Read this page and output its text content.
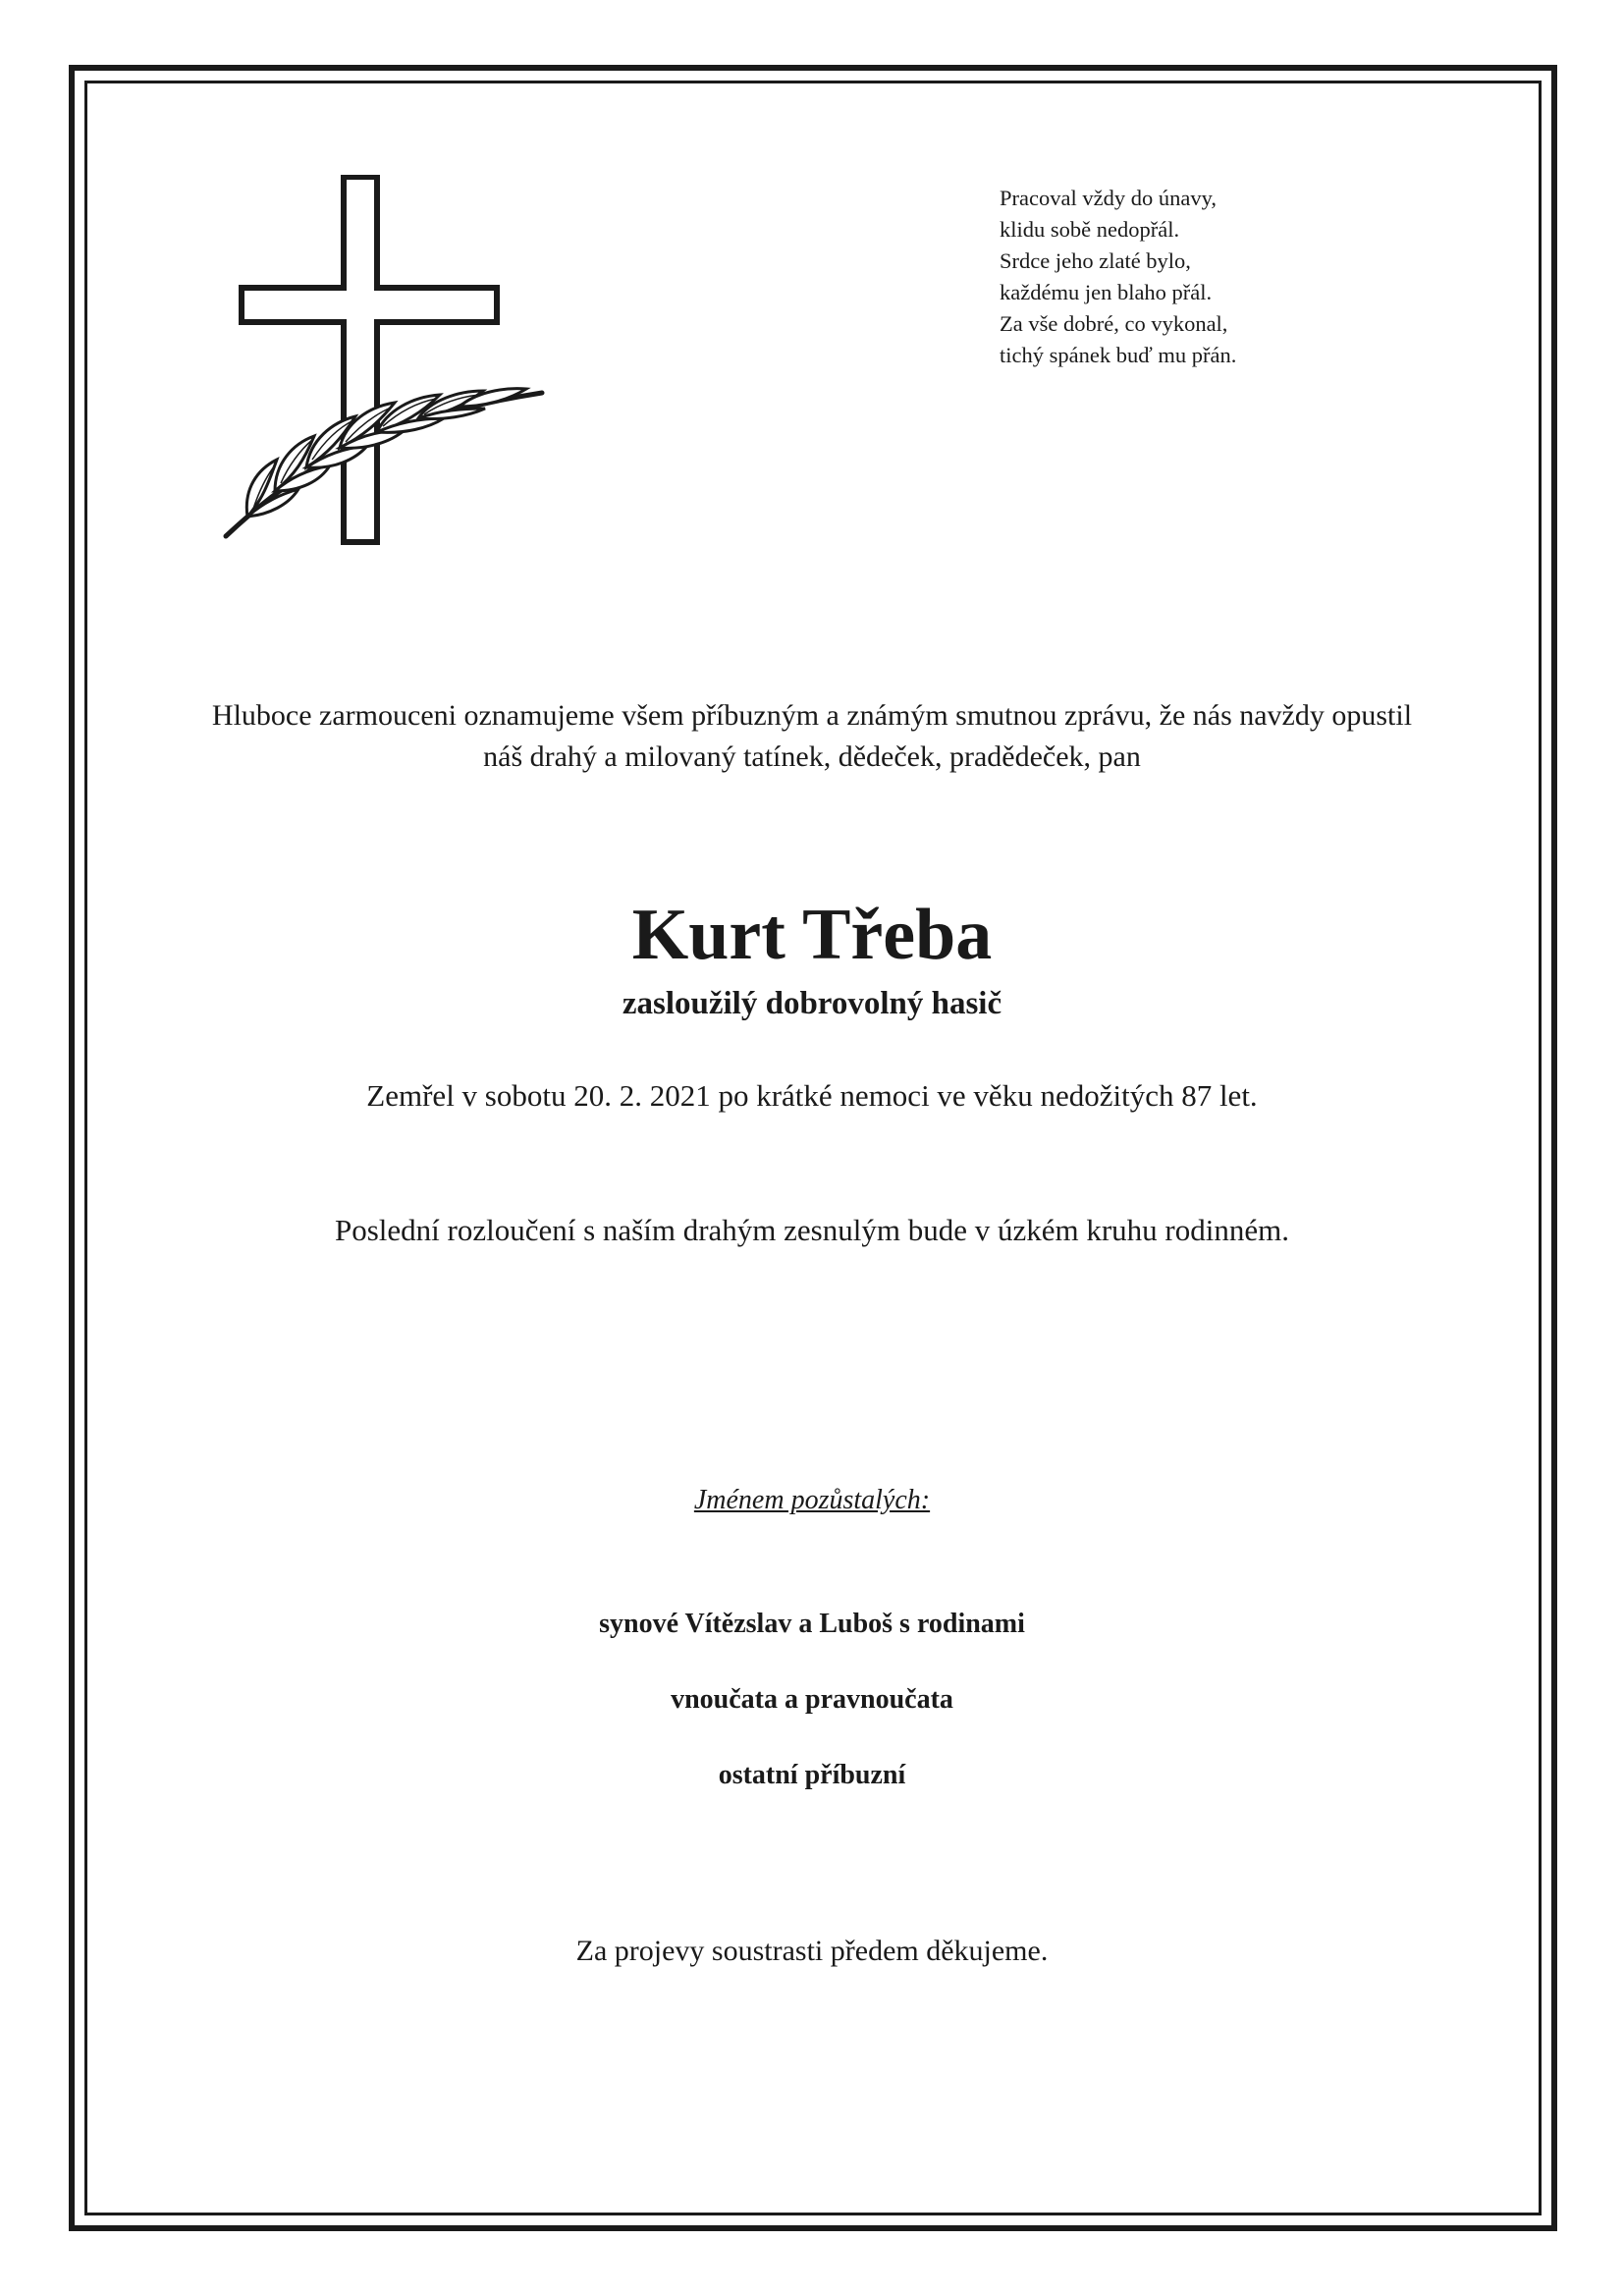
Pracoval vždy do únavy,
klidu sobě nedopřál.
Srdce jeho zlaté bylo,
každému jen blaho přál.
Za vše dobré, co vykonal,
tichý spánek buď mu přán.
Hluboce zarmouceni oznamujeme všem příbuzným a známým smutnou zprávu, že nás navždy opustil
náš drahý a milovaný tatínek, dědeček, pradědeček, pan
Kurt Třeba
zasloužilý dobrovolný hasič
Zemřel v sobotu 20. 2. 2021 po krátké nemoci ve věku nedožitých 87 let.
Poslední rozloučení s naším drahým zesnulým bude v úzkém kruhu rodinném.
Jménem pozůstalých:
synové Vítězslav a Luboš s rodinami
vnoučata a pravnoučata
ostatní příbuzní
Za projevy soustrasti předem děkujeme.
